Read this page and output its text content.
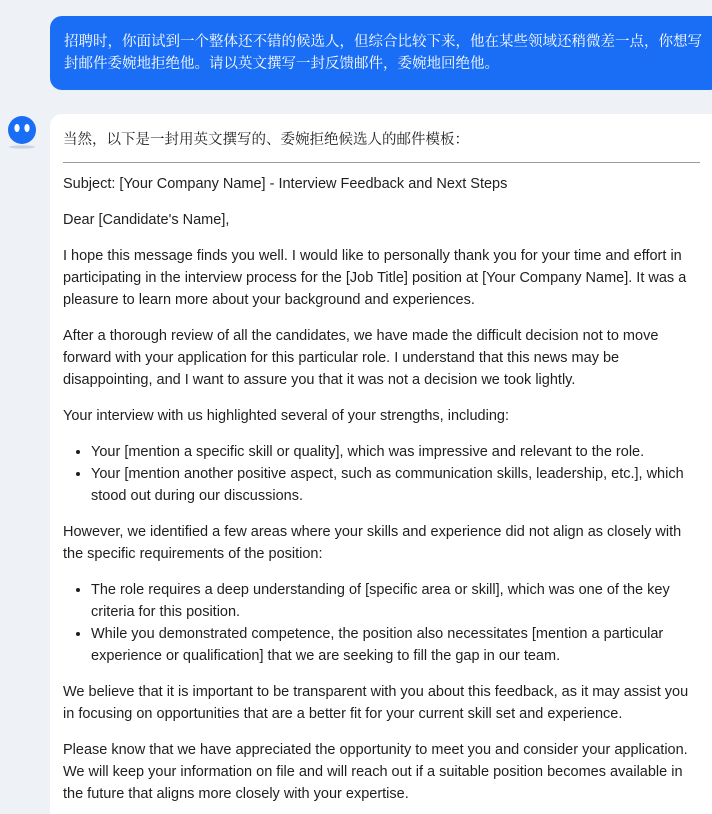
招聘时，你面试到一个整体还不错的候选人，但综合比较下来，他在某些领域还稍微差一点，你想写封邮件委婉地拒绝他。请以英文撰写一封反馈邮件，委婉地回绝他。

当然，以下是一封用英文撰写的、委婉拒绝候选人的邮件模板：

Subject: [Your Company Name] - Interview Feedback and Next Steps

Dear [Candidate's Name],

I hope this message finds you well. I would like to personally thank you for your time and effort in participating in the interview process for the [Job Title] position at [Your Company Name]. It was a pleasure to learn more about your background and experiences.

After a thorough review of all the candidates, we have made the difficult decision not to move forward with your application for this particular role. I understand that this news may be disappointing, and I want to assure you that it was not a decision we took lightly.

Your interview with us highlighted several of your strengths, including:

• Your [mention a specific skill or quality], which was impressive and relevant to the role.
• Your [mention another positive aspect, such as communication skills, leadership, etc.], which stood out during our discussions.

However, we identified a few areas where your skills and experience did not align as closely with the specific requirements of the position:

• The role requires a deep understanding of [specific area or skill], which was one of the key criteria for this position.
• While you demonstrated competence, the position also necessitates [mention a particular experience or qualification] that we are seeking to fill the gap in our team.

We believe that it is important to be transparent with you about this feedback, as it may assist you in focusing on opportunities that are a better fit for your current skill set and experience.

Please know that we have appreciated the opportunity to meet you and consider your application. We will keep your information on file and will reach out if a suitable position becomes available in the future that aligns more closely with your expertise.
